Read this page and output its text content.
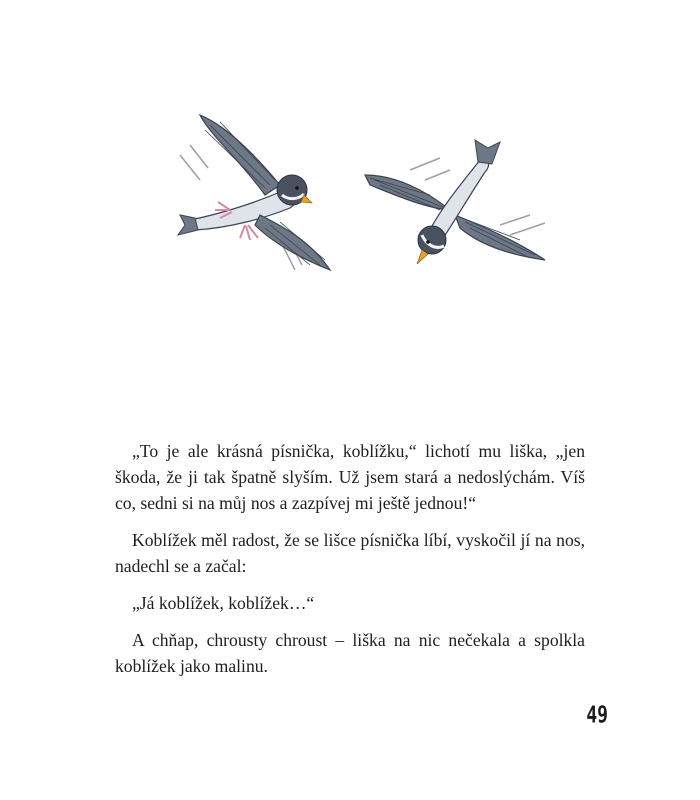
„To je ale krásná písnička, koblížku,“ lichotí mu liška, „jen škoda, že ji tak špatně slyším. Už jsem stará a nedoslýchám. Víš co, sedni si na můj nos a zazpívej mi ještě jednou!“

Koblížek měl radost, že se lišce písnička líbí, vyskočil jí na nos, nadechl se a začal:

„Já koblížek, koblížek…“

A chňap, chrousty chroust – liška na nic nečekala a spolkla koblížek jako malinu.

49
